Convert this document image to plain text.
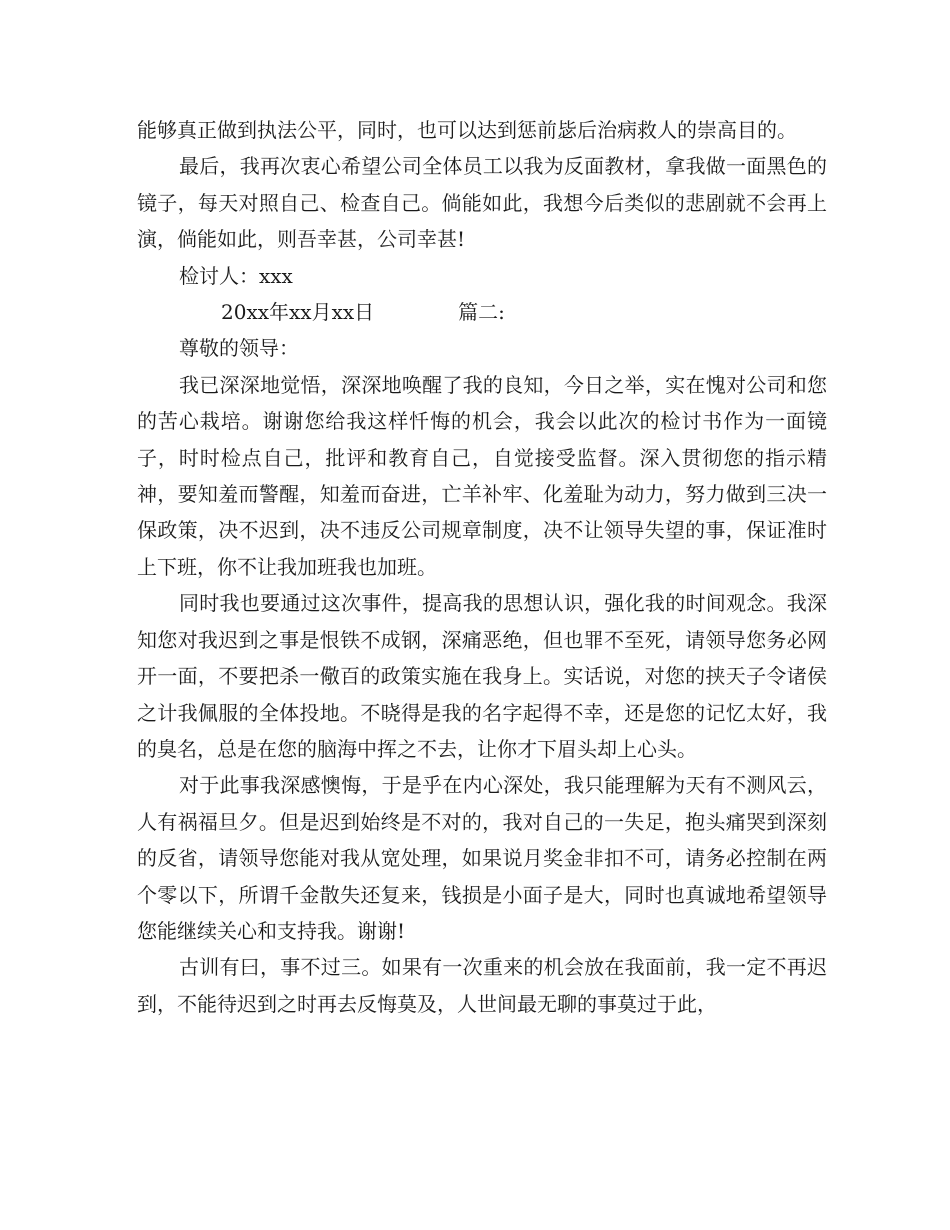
能够真正做到执法公平，同时，也可以达到惩前毖后治病救人的崇高目的。

最后，我再次衷心希望公司全体员工以我为反面教材，拿我做一面黑色的镜子，每天对照自己、检查自己。倘能如此，我想今后类似的悲剧就不会再上演，倘能如此，则吾幸甚，公司幸甚!

检讨人：xxx

20xx年xx月xx日	篇二:

尊敬的领导：

我已深深地觉悟，深深地唤醒了我的良知，今日之举，实在愧对公司和您的苦心栽培。谢谢您给我这样忏悔的机会，我会以此次的检讨书作为一面镜子，时时检点自己，批评和教育自己，自觉接受监督。深入贯彻您的指示精神，要知羞而警醒，知羞而奋进，亡羊补牢、化羞耻为动力，努力做到三决一保政策，决不迟到，决不违反公司规章制度，决不让领导失望的事，保证准时上下班，你不让我加班我也加班。

同时我也要通过这次事件，提高我的思想认识，强化我的时间观念。我深知您对我迟到之事是恨铁不成钢，深痛恶绝，但也罪不至死，请领导您务必网开一面，不要把杀一儆百的政策实施在我身上。实话说，对您的挟天子令诸侯之计我佩服的全体投地。不晓得是我的名字起得不幸，还是您的记忆太好，我的臭名，总是在您的脑海中挥之不去，让你才下眉头却上心头。

对于此事我深感懊悔，于是乎在内心深处，我只能理解为天有不测风云，人有祸福旦夕。但是迟到始终是不对的，我对自己的一失足，抱头痛哭到深刻的反省，请领导您能对我从宽处理，如果说月奖金非扣不可，请务必控制在两个零以下，所谓千金散失还复来，钱损是小面子是大，同时也真诚地希望领导您能继续关心和支持我。谢谢!

古训有曰，事不过三。如果有一次重来的机会放在我面前，我一定不再迟到，不能待迟到之时再去反悔莫及，人世间最无聊的事莫过于此，
